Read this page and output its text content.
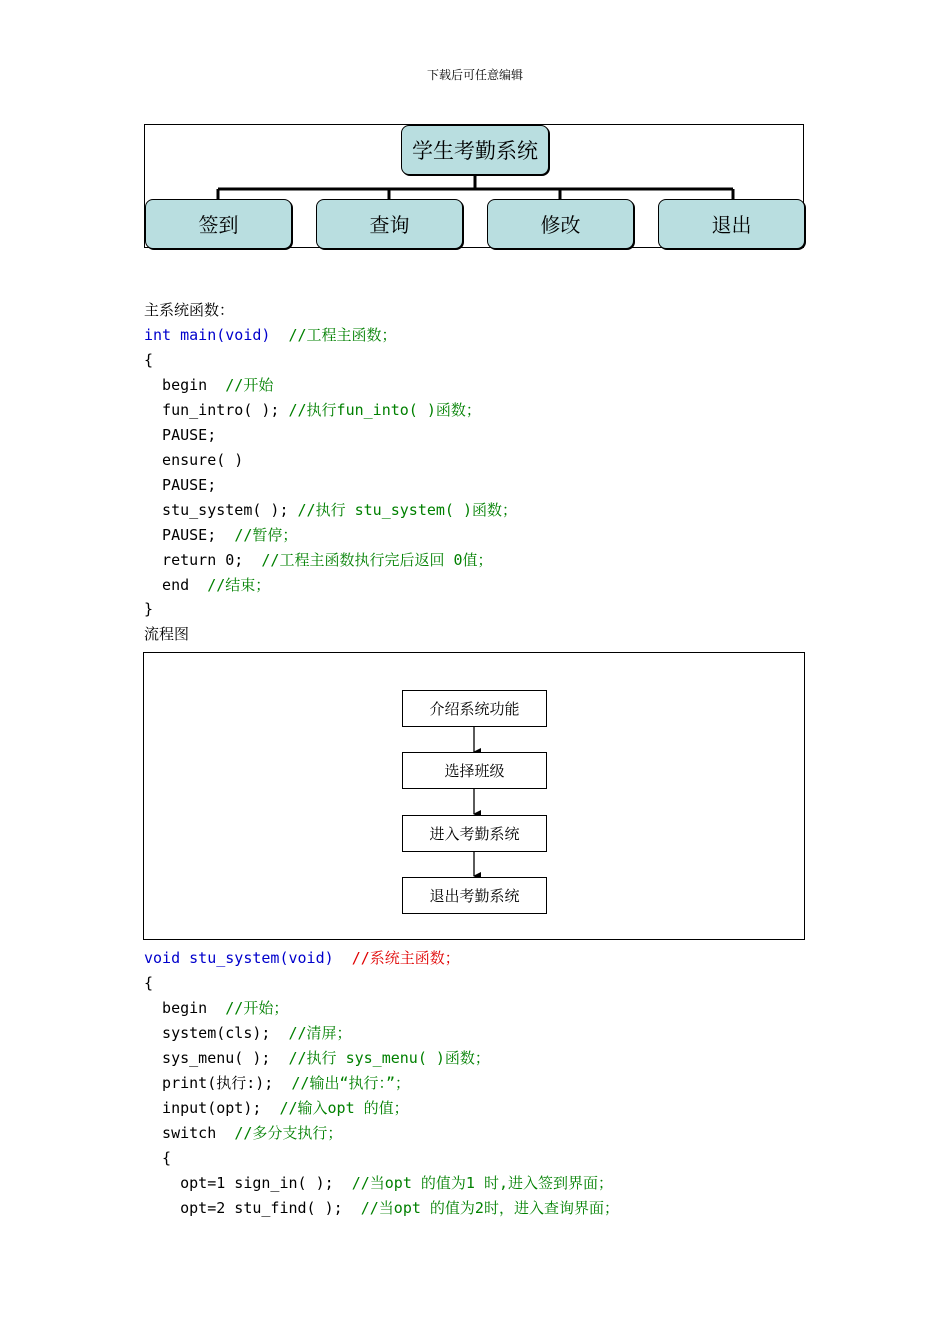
下载后可任意编辑
学生考勤系统
签到	查询	修改	退出
主系统函数：
int main(void) //工程主函数；
{
begin  //开始
fun_intro( ); //执行fun_into( )函数；
PAUSE;
ensure( )
PAUSE;
stu_system( ); //执行 stu_system( )函数；
PAUSE;  //暂停；
return 0;  //工程主函数执行完后返回 0值；
end  //结束；
}
流程图
介绍系统功能
选择班级
进入考勤系统
退出考勤系统
void stu_system(void) //系统主函数；
{
begin  //开始；
system(cls);  //清屏；
sys_menu( );  //执行 sys_menu( )函数；
print(执行:);  //输出“执行：”；
input(opt);  //输入opt 的值；
switch  //多分支执行；
{
opt=1 sign_in( );  //当opt 的值为1 时,进入签到界面；
opt=2 stu_find( );  //当opt 的值为2时，进入查询界面；
